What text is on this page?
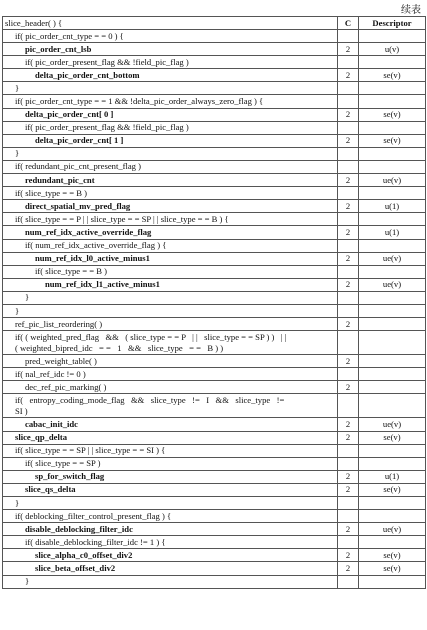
续表
slice_header( ) {	C	Descriptor
if( pic_order_cnt_type = = 0 ) {		
pic_order_cnt_lsb	2	u(v)
if( pic_order_present_flag && !field_pic_flag )		
delta_pic_order_cnt_bottom	2	se(v)
}		
if( pic_order_cnt_type = = 1 && !delta_pic_order_always_zero_flag ) {		
delta_pic_order_cnt[ 0 ]	2	se(v)
if( pic_order_present_flag && !field_pic_flag )		
delta_pic_order_cnt[ 1 ]	2	se(v)
}		
if( redundant_pic_cnt_present_flag )		
redundant_pic_cnt	2	ue(v)
if( slice_type = = B )		
direct_spatial_mv_pred_flag	2	u(1)
if( slice_type = = P | | slice_type = = SP | | slice_type = = B ) {		
num_ref_idx_active_override_flag	2	u(1)
if( num_ref_idx_active_override_flag ) {		
num_ref_idx_l0_active_minus1	2	ue(v)
if( slice_type = = B )		
num_ref_idx_l1_active_minus1	2	ue(v)
}		
}		
ref_pic_list_reordering( )	2	
if( ( weighted_pred_flag   &&   ( slice_type = = P   | |   slice_type = = SP ) )   | |
( weighted_bipred_idc   = =   1   &&   slice_type   = =   B ) )		
pred_weight_table( )	2	
if( nal_ref_idc != 0 )		
dec_ref_pic_marking( )	2	
if(   entropy_coding_mode_flag   &&   slice_type   !=   I   &&   slice_type   !=
SI )		
cabac_init_idc	2	ue(v)
slice_qp_delta	2	se(v)
if( slice_type = = SP | | slice_type = = SI ) {		
if( slice_type = = SP )		
sp_for_switch_flag	2	u(1)
slice_qs_delta	2	se(v)
}		
if( deblocking_filter_control_present_flag ) {		
disable_deblocking_filter_idc	2	ue(v)
if( disable_deblocking_filter_idc != 1 ) {		
slice_alpha_c0_offset_div2	2	se(v)
slice_beta_offset_div2	2	se(v)
}		
